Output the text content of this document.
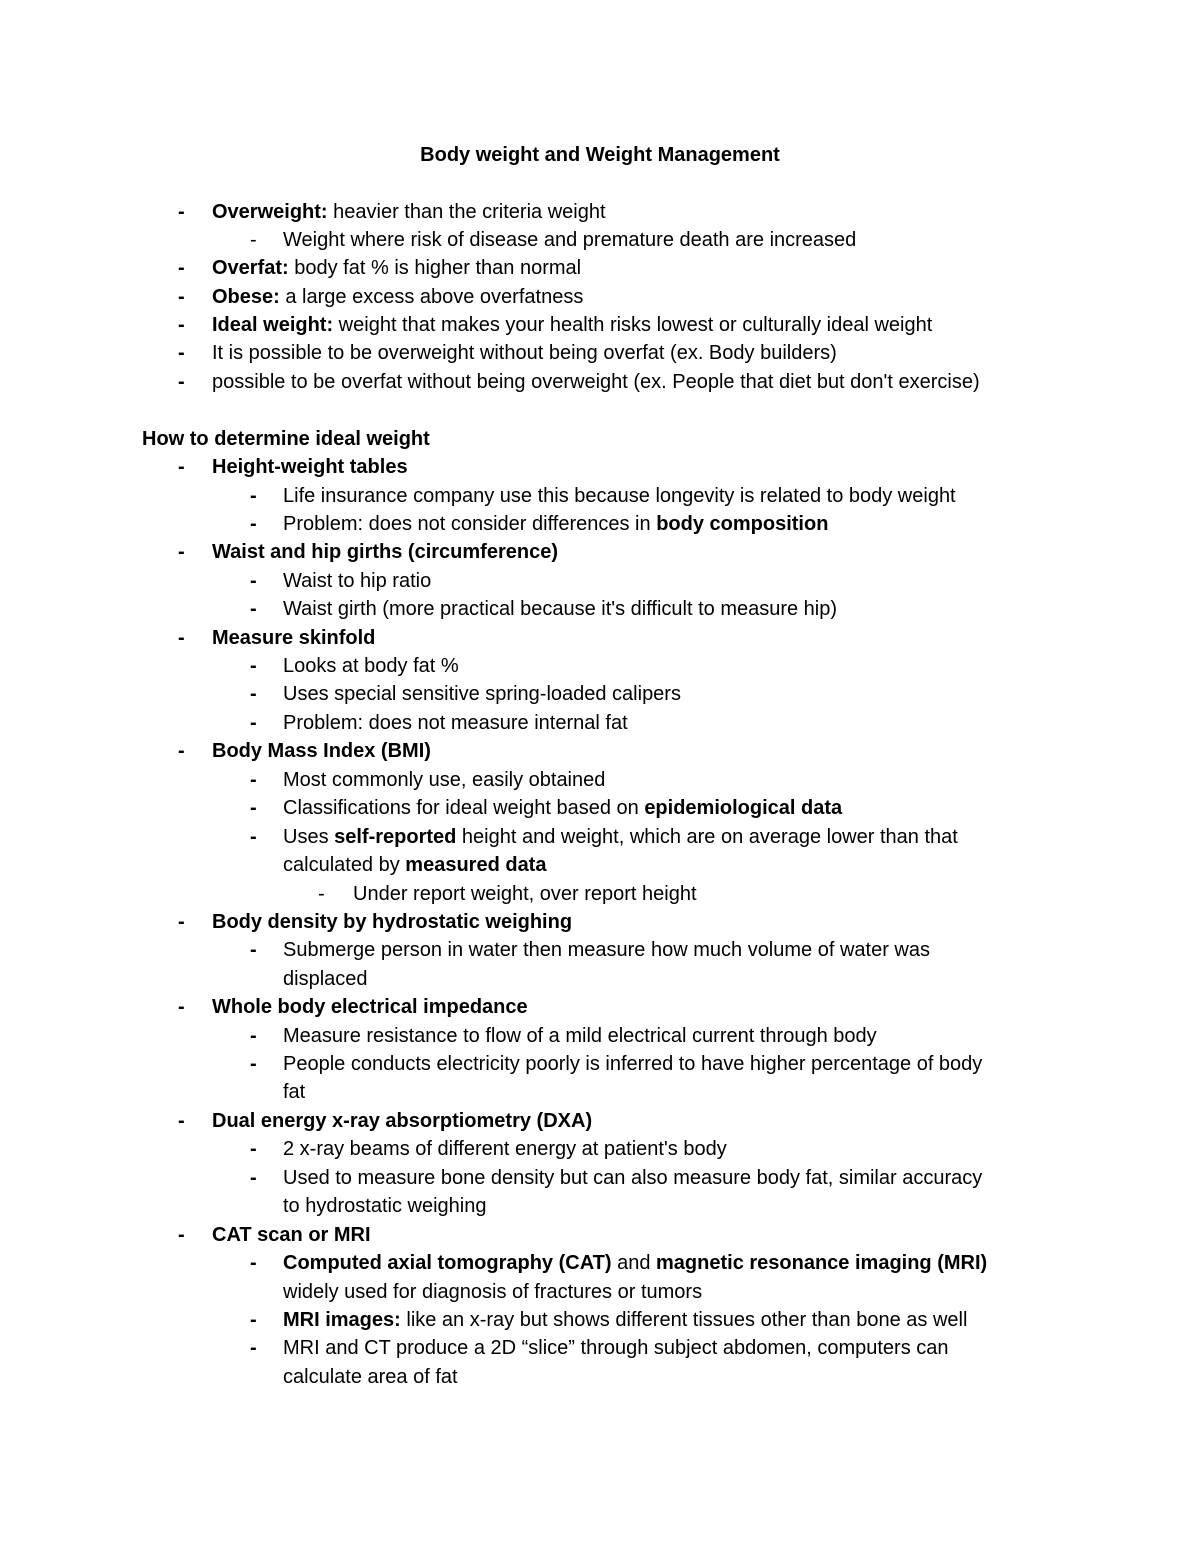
Body weight and Weight Management
- Overweight: heavier than the criteria weight
- Weight where risk of disease and premature death are increased
- Overfat: body fat % is higher than normal
- Obese: a large excess above overfatness
- Ideal weight: weight that makes your health risks lowest or culturally ideal weight
- It is possible to be overweight without being overfat (ex. Body builders)
- possible to be overfat without being overweight (ex. People that diet but don't exercise)
How to determine ideal weight
- Height-weight tables
- Life insurance company use this because longevity is related to body weight
- Problem: does not consider differences in body composition
- Waist and hip girths (circumference)
- Waist to hip ratio
- Waist girth (more practical because it's difficult to measure hip)
- Measure skinfold
- Looks at body fat %
- Uses special sensitive spring-loaded calipers
- Problem: does not measure internal fat
- Body Mass Index (BMI)
- Most commonly use, easily obtained
- Classifications for ideal weight based on epidemiological data
- Uses self-reported height and weight, which are on average lower than that
calculated by measured data
- Under report weight, over report height
- Body density by hydrostatic weighing
- Submerge person in water then measure how much volume of water was
displaced
- Whole body electrical impedance
- Measure resistance to flow of a mild electrical current through body
- People conducts electricity poorly is inferred to have higher percentage of body
fat
- Dual energy x-ray absorptiometry (DXA)
- 2 x-ray beams of different energy at patient's body
- Used to measure bone density but can also measure body fat, similar accuracy
to hydrostatic weighing
- CAT scan or MRI
- Computed axial tomography (CAT) and magnetic resonance imaging (MRI)
widely used for diagnosis of fractures or tumors
- MRI images: like an x-ray but shows different tissues other than bone as well
- MRI and CT produce a 2D “slice” through subject abdomen, computers can
calculate area of fat
